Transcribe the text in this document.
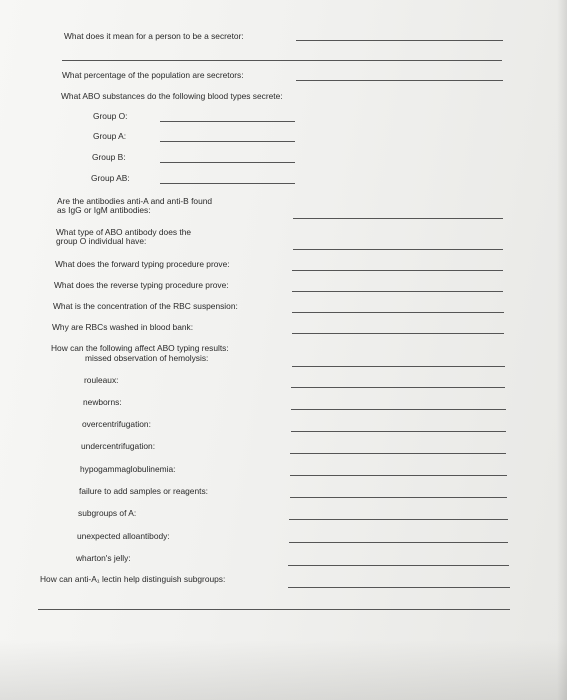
What does it mean for a person to be a secretor:
What percentage of the population are secretors:
What ABO substances do the following blood types secrete:
Group O:
Group A:
Group B:
Group AB:
Are the antibodies anti-A and anti-B found
as IgG or IgM antibodies:
What type of ABO antibody does the
group O individual have:
What does the forward typing procedure prove:
What does the reverse typing procedure prove:
What is the concentration of the RBC suspension:
Why are RBCs washed in blood bank:
How can the following affect ABO typing results:
missed observation of hemolysis:
rouleaux:
newborns:
overcentrifugation:
undercentrifugation:
hypogammaglobulinemia:
failure to add samples or reagents:
subgroups of A:
unexpected alloantibody:
wharton's jelly:
How can anti-A₁ lectin help distinguish subgroups:
